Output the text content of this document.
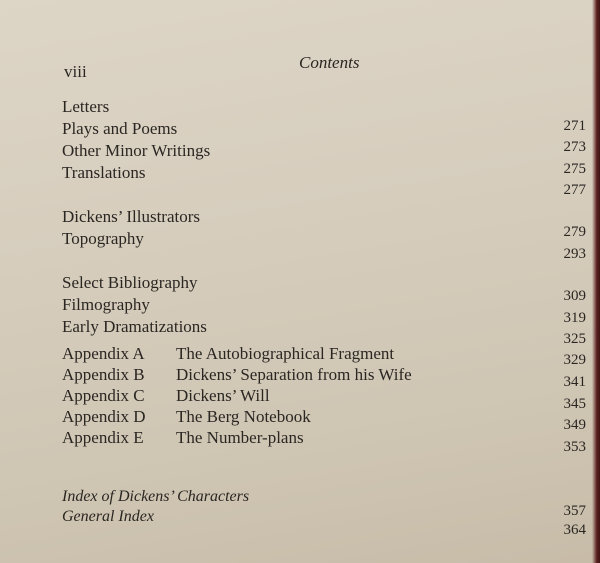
viii	Contents
Letters
Plays and Poems
Other Minor Writings
Translations
Dickens’ Illustrators
Topography
Select Bibliography
Filmography
Early Dramatizations
Appendix A The Autobiographical Fragment
Appendix B Dickens’ Separation from his Wife
Appendix C Dickens’ Will
Appendix D The Berg Notebook
Appendix E The Number-plans
Index of Dickens’ Characters
General Index
271
273
275
277
279
293
309
319
325
329
341
345
349
353
357
364
